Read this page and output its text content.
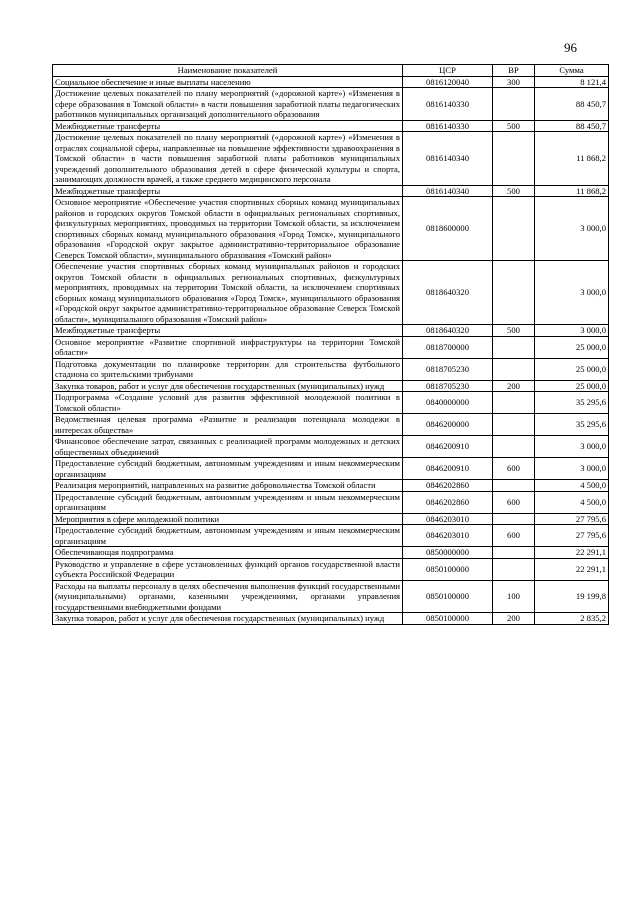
96
Наименование показателей	ЦСР	ВР	Сумма
Социальное обеспечение и иные выплаты населению	0816120040	300	8 121,4
Достижение целевых показателей по плану мероприятий («дорожной карте») «Изменения в сфере образования в Томской области» в части повышения заработной платы педагогических работников муниципальных организаций дополнительного образования	0816140330		88 450,7
Межбюджетные трансферты	0816140330	500	88 450,7
Достижение целевых показателей по плану мероприятий («дорожной карте») «Изменения в отраслях социальной сферы, направленные на повышение эффективности здравоохранения в Томской области» в части повышения заработной платы работников муниципальных учреждений дополнительного образования детей в сфере физической культуры и спорта, занимающих должности врачей, а также среднего медицинского персонала	0816140340		11 868,2
Межбюджетные трансферты	0816140340	500	11 868,2
Основное мероприятие «Обеспечение участия спортивных сборных команд муниципальных районов и городских округов Томской области в официальных региональных спортивных, физкультурных мероприятиях, проводимых на территории Томской области, за исключением спортивных сборных команд муниципального образования «Город Томск», муниципального образования «Городской округ закрытое административно-территориальное образование Северск Томской области», муниципального образования «Томский район»	0818600000		3 000,0
Обеспечение участия спортивных сборных команд муниципальных районов и городских округов Томской области в официальных региональных спортивных, физкультурных мероприятиях, проводимых на территории Томской области, за исключением спортивных сборных команд муниципального образования «Город Томск», муниципального образования «Городской округ закрытое административно-территориальное образование Северск Томской области», муниципального образования «Томский район»	0818640320		3 000,0
Межбюджетные трансферты	0818640320	500	3 000,0
Основное мероприятие «Развитие спортивной инфраструктуры на территории Томской области»	0818700000		25 000,0
Подготовка документации по планировке территории для строительства футбольного стадиона со зрительскими трибунами	0818705230		25 000,0
Закупка товаров, работ и услуг для обеспечения государственных (муниципальных) нужд	0818705230	200	25 000,0
Подпрограмма «Создание условий для развития эффективной молодежной политики в Томской области»	0840000000		35 295,6
Ведомственная целевая программа «Развитие и реализация потенциала молодежи в интересах общества»	0846200000		35 295,6
Финансовое обеспечение затрат, связанных с реализацией программ молодежных и детских общественных объединений	0846200910		3 000,0
Предоставление субсидий бюджетным, автономным учреждениям и иным некоммерческим организациям	0846200910	600	3 000,0
Реализация мероприятий, направленных на развитие добровольчества Томской области	0846202860		4 500,0
Предоставление субсидий бюджетным, автономным учреждениям и иным некоммерческим организациям	0846202860	600	4 500,0
Мероприятия в сфере молодежной политики	0846203010		27 795,6
Предоставление субсидий бюджетным, автономным учреждениям и иным некоммерческим организациям	0846203010	600	27 795,6
Обеспечивающая подпрограмма	0850000000		22 291,1
Руководство и управление в сфере установленных функций органов государственной власти субъекта Российской Федерации	0850100000		22 291,1
Расходы на выплаты персоналу в целях обеспечения выполнения функций государственными (муниципальными) органами, казенными учреждениями, органами управления государственными внебюджетными фондами	0850100000	100	19 199,8
Закупка товаров, работ и услуг для обеспечения государственных (муниципальных) нужд	0850100000	200	2 835,2
